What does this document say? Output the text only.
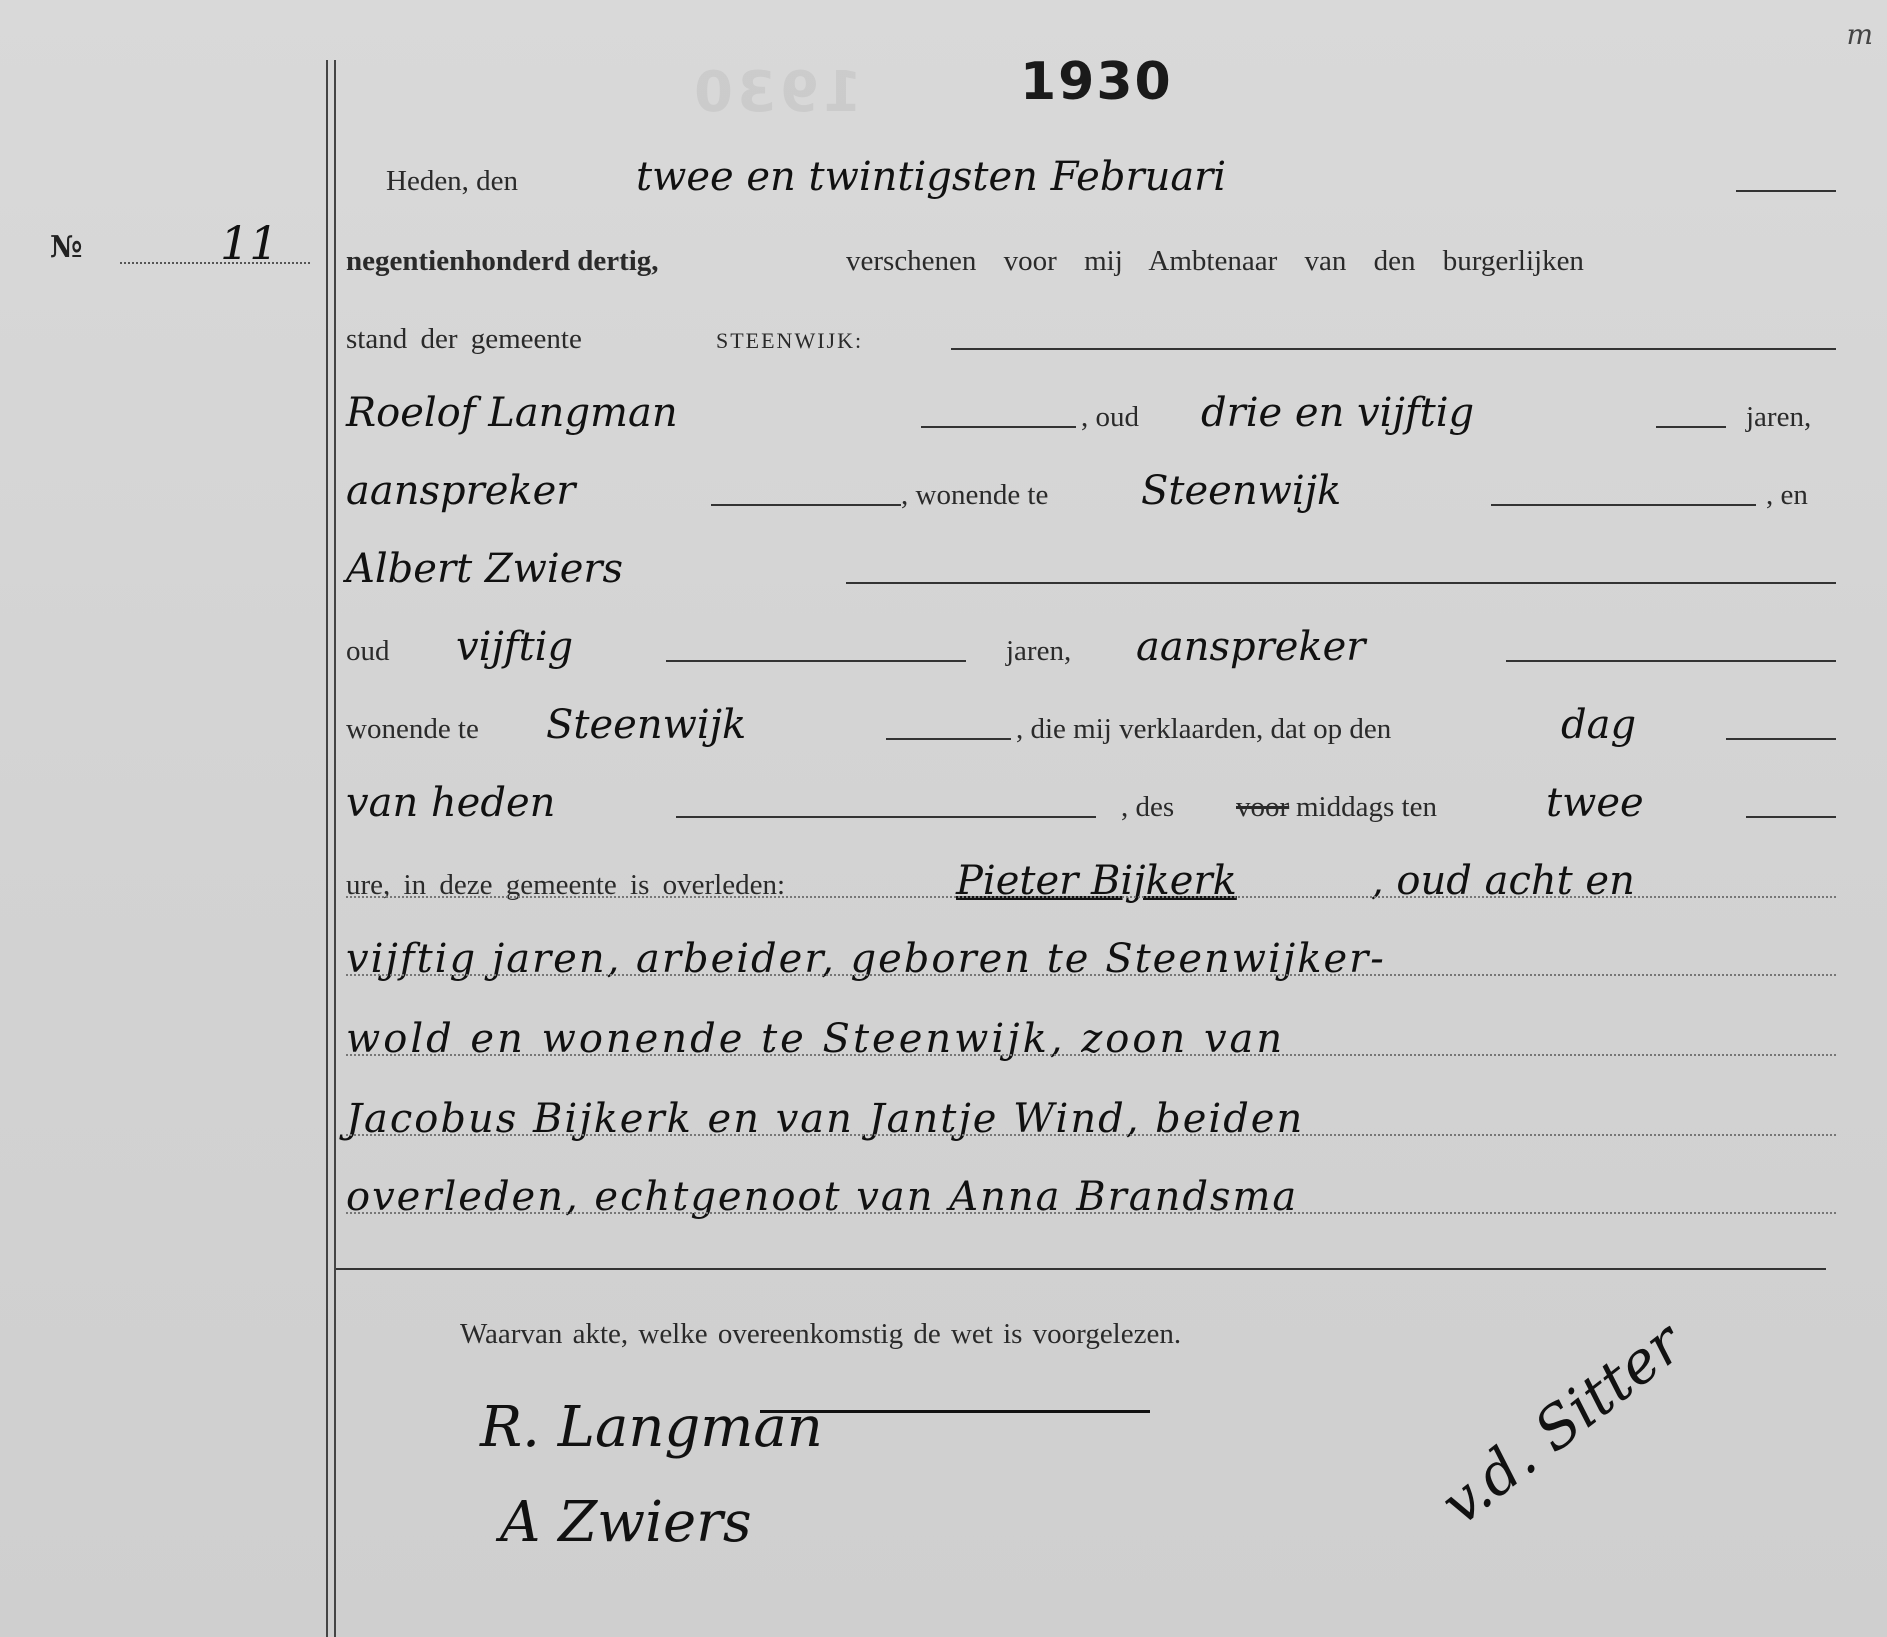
1930
m
1930
№	11
Heden, den	twee en twintigsten Februari
negentienhonderd dertig,	verschenen voor mij Ambtenaar van den burgerlijken
stand der gemeente	STEENWIJK:
Roelof Langman	, oud drie en vijftig	jaren,
aanspreker	, wonende te Steenwijk	, en
Albert Zwiers
oud vijftig	jaren, aanspreker
wonende te Steenwijk	, die mij verklaarden, dat op den	dag
van heden	, des voor middags ten	twee
ure, in deze gemeente is overleden:	Pieter Bijkerk	, oud acht en
vijftig jaren, arbeider, geboren te Steenwijker-
wold en wonende te Steenwijk, zoon van
Jacobus Bijkerk en van Jantje Wind, beiden
overleden, echtgenoot van Anna Brandsma
Waarvan akte, welke overeenkomstig de wet is voorgelezen.
R. Langman
A Zwiers	v.d. Sitter
